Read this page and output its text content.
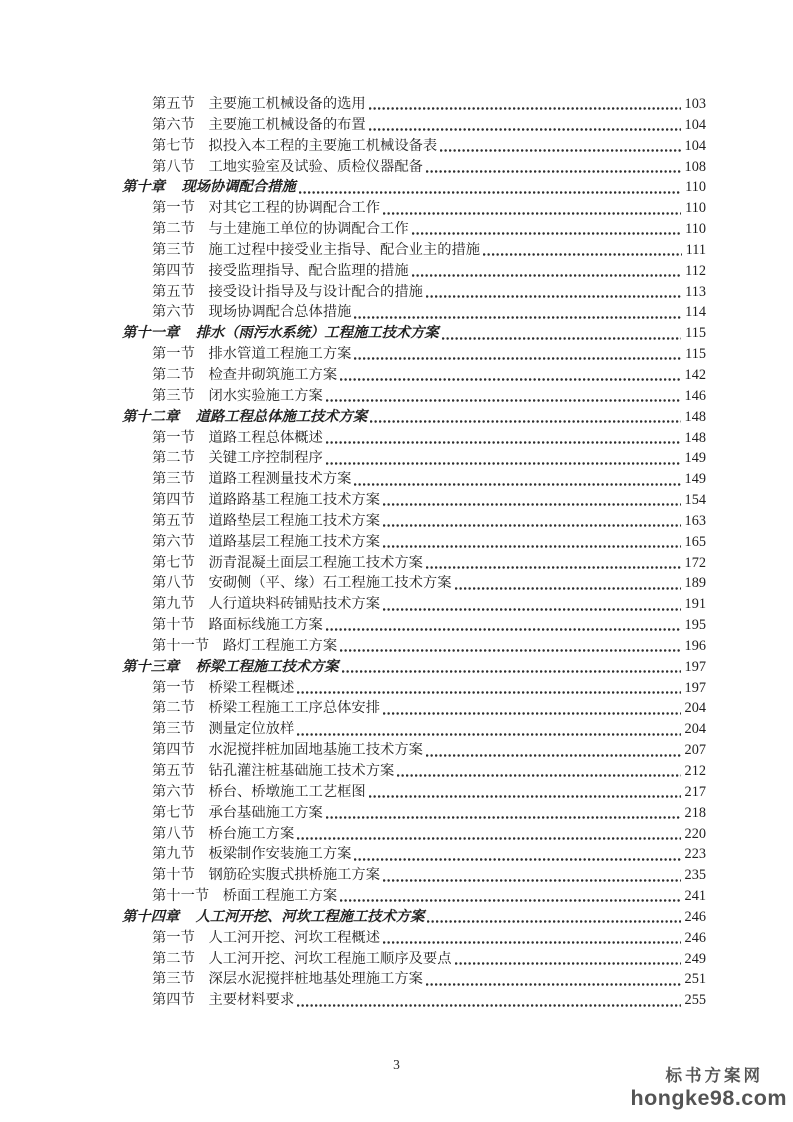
第五节 主要施工机械设备的选用	103
第六节 主要施工机械设备的布置	104
第七节 拟投入本工程的主要施工机械设备表	104
第八节 工地实验室及试验、质检仪器配备	108
第十章 现场协调配合措施	110
第一节 对其它工程的协调配合工作	110
第二节 与土建施工单位的协调配合工作	110
第三节 施工过程中接受业主指导、配合业主的措施	111
第四节 接受监理指导、配合监理的措施	112
第五节 接受设计指导及与设计配合的措施	113
第六节 现场协调配合总体措施	114
第十一章 排水（雨污水系统）工程施工技术方案	115
第一节 排水管道工程施工方案	115
第二节 检查井砌筑施工方案	142
第三节 闭水实验施工方案	146
第十二章 道路工程总体施工技术方案	148
第一节 道路工程总体概述	148
第二节 关键工序控制程序	149
第三节 道路工程测量技术方案	149
第四节 道路路基工程施工技术方案	154
第五节 道路垫层工程施工技术方案	163
第六节 道路基层工程施工技术方案	165
第七节 沥青混凝土面层工程施工技术方案	172
第八节 安砌侧（平、缘）石工程施工技术方案	189
第九节 人行道块料砖铺贴技术方案	191
第十节 路面标线施工方案	195
第十一节 路灯工程施工方案	196
第十三章 桥梁工程施工技术方案	197
第一节 桥梁工程概述	197
第二节 桥梁工程施工工序总体安排	204
第三节 测量定位放样	204
第四节 水泥搅拌桩加固地基施工技术方案	207
第五节 钻孔灌注桩基础施工技术方案	212
第六节 桥台、桥墩施工工艺框图	217
第七节 承台基础施工方案	218
第八节 桥台施工方案	220
第九节 板梁制作安装施工方案	223
第十节 钢筋砼实腹式拱桥施工方案	235
第十一节 桥面工程施工方案	241
第十四章 人工河开挖、河坎工程施工技术方案	246
第一节 人工河开挖、河坎工程概述	246
第二节 人工河开挖、河坎工程施工顺序及要点	249
第三节 深层水泥搅拌桩地基处理施工方案	251
第四节 主要材料要求	255
3
标书方案网
hongke98.com
